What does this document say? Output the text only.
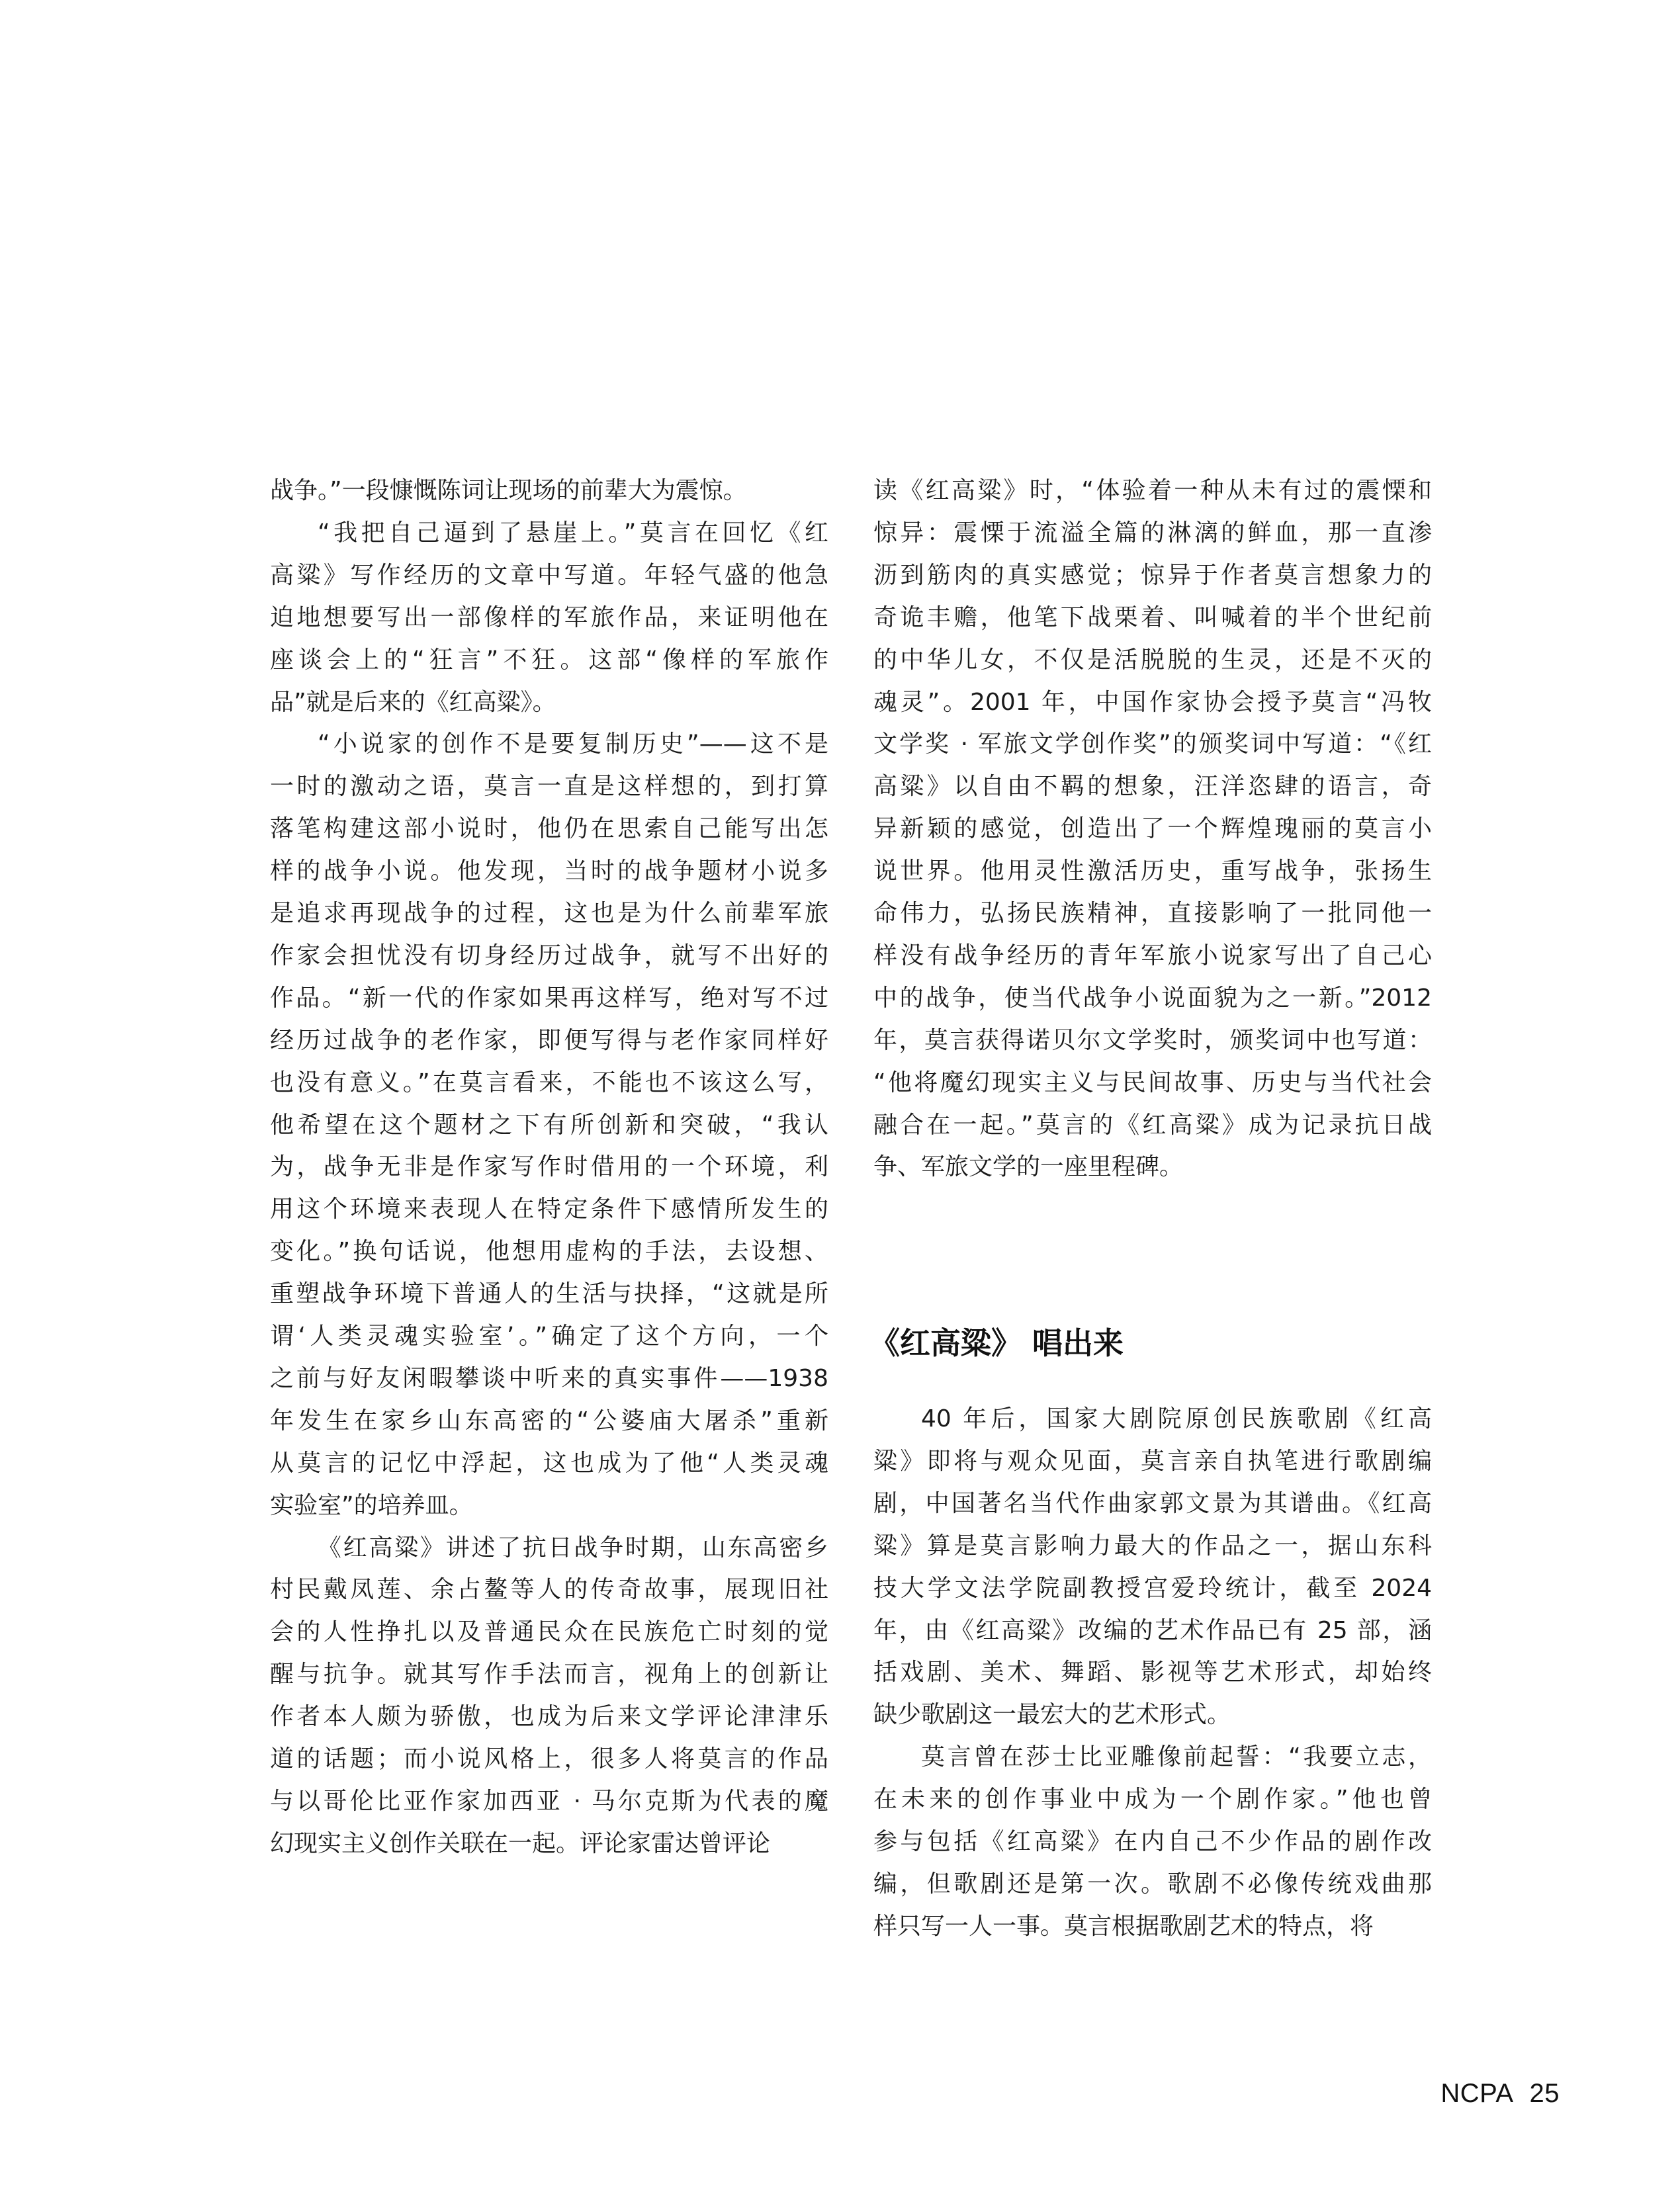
战争。”一段慷慨陈词让现场的前辈大为震惊。
“我把自己逼到了悬崖上。”莫言在回忆《红
高粱》写作经历的文章中写道。年轻气盛的他急
迫地想要写出一部像样的军旅作品，来证明他在
座谈会上的“狂言”不狂。这部“像样的军旅作
品”就是后来的《红高粱》。
“小说家的创作不是要复制历史”——这不是
一时的激动之语，莫言一直是这样想的，到打算
落笔构建这部小说时，他仍在思索自己能写出怎
样的战争小说。他发现，当时的战争题材小说多
是追求再现战争的过程，这也是为什么前辈军旅
作家会担忧没有切身经历过战争，就写不出好的
作品。“新一代的作家如果再这样写，绝对写不过
经历过战争的老作家，即便写得与老作家同样好
也没有意义。”在莫言看来，不能也不该这么写，
他希望在这个题材之下有所创新和突破，“我认
为，战争无非是作家写作时借用的一个环境，利
用这个环境来表现人在特定条件下感情所发生的
变化。”换句话说，他想用虚构的手法，去设想、
重塑战争环境下普通人的生活与抉择，“这就是所
谓‘人类灵魂实验室’。”确定了这个方向，一个
之前与好友闲暇攀谈中听来的真实事件——1938
年发生在家乡山东高密的“公婆庙大屠杀”重新
从莫言的记忆中浮起，这也成为了他“人类灵魂
实验室”的培养皿。
《红高粱》讲述了抗日战争时期，山东高密乡
村民戴凤莲、余占鳌等人的传奇故事，展现旧社
会的人性挣扎以及普通民众在民族危亡时刻的觉
醒与抗争。就其写作手法而言，视角上的创新让
作者本人颇为骄傲，也成为后来文学评论津津乐
道的话题；而小说风格上，很多人将莫言的作品
与以哥伦比亚作家加西亚 · 马尔克斯为代表的魔
幻现实主义创作关联在一起。评论家雷达曾评论
读《红高粱》时，“体验着一种从未有过的震慄和
惊异：震慄于流溢全篇的淋漓的鲜血，那一直渗
沥到筋肉的真实感觉；惊异于作者莫言想象力的
奇诡丰赡，他笔下战栗着、叫喊着的半个世纪前
的中华儿女，不仅是活脱脱的生灵，还是不灭的
魂灵”。2001 年，中国作家协会授予莫言“冯牧
文学奖 · 军旅文学创作奖”的颁奖词中写道：“《红
高粱》以自由不羁的想象，汪洋恣肆的语言，奇
异新颖的感觉，创造出了一个辉煌瑰丽的莫言小
说世界。他用灵性激活历史，重写战争，张扬生
命伟力，弘扬民族精神，直接影响了一批同他一
样没有战争经历的青年军旅小说家写出了自己心
中的战争，使当代战争小说面貌为之一新。”2012
年，莫言获得诺贝尔文学奖时，颁奖词中也写道：
“他将魔幻现实主义与民间故事、历史与当代社会
融合在一起。”莫言的《红高粱》成为记录抗日战
争、军旅文学的一座里程碑。
《红高粱》 唱出来
40 年后，国家大剧院原创民族歌剧《红高
粱》即将与观众见面，莫言亲自执笔进行歌剧编
剧，中国著名当代作曲家郭文景为其谱曲。《红高
粱》算是莫言影响力最大的作品之一，据山东科
技大学文法学院副教授宫爱玲统计，截至 2024
年，由《红高粱》改编的艺术作品已有 25 部，涵
括戏剧、美术、舞蹈、影视等艺术形式，却始终
缺少歌剧这一最宏大的艺术形式。
莫言曾在莎士比亚雕像前起誓：“我要立志，
在未来的创作事业中成为一个剧作家。”他也曾
参与包括《红高粱》在内自己不少作品的剧作改
编，但歌剧还是第一次。歌剧不必像传统戏曲那
样只写一人一事。莫言根据歌剧艺术的特点，将
NCPA 25
